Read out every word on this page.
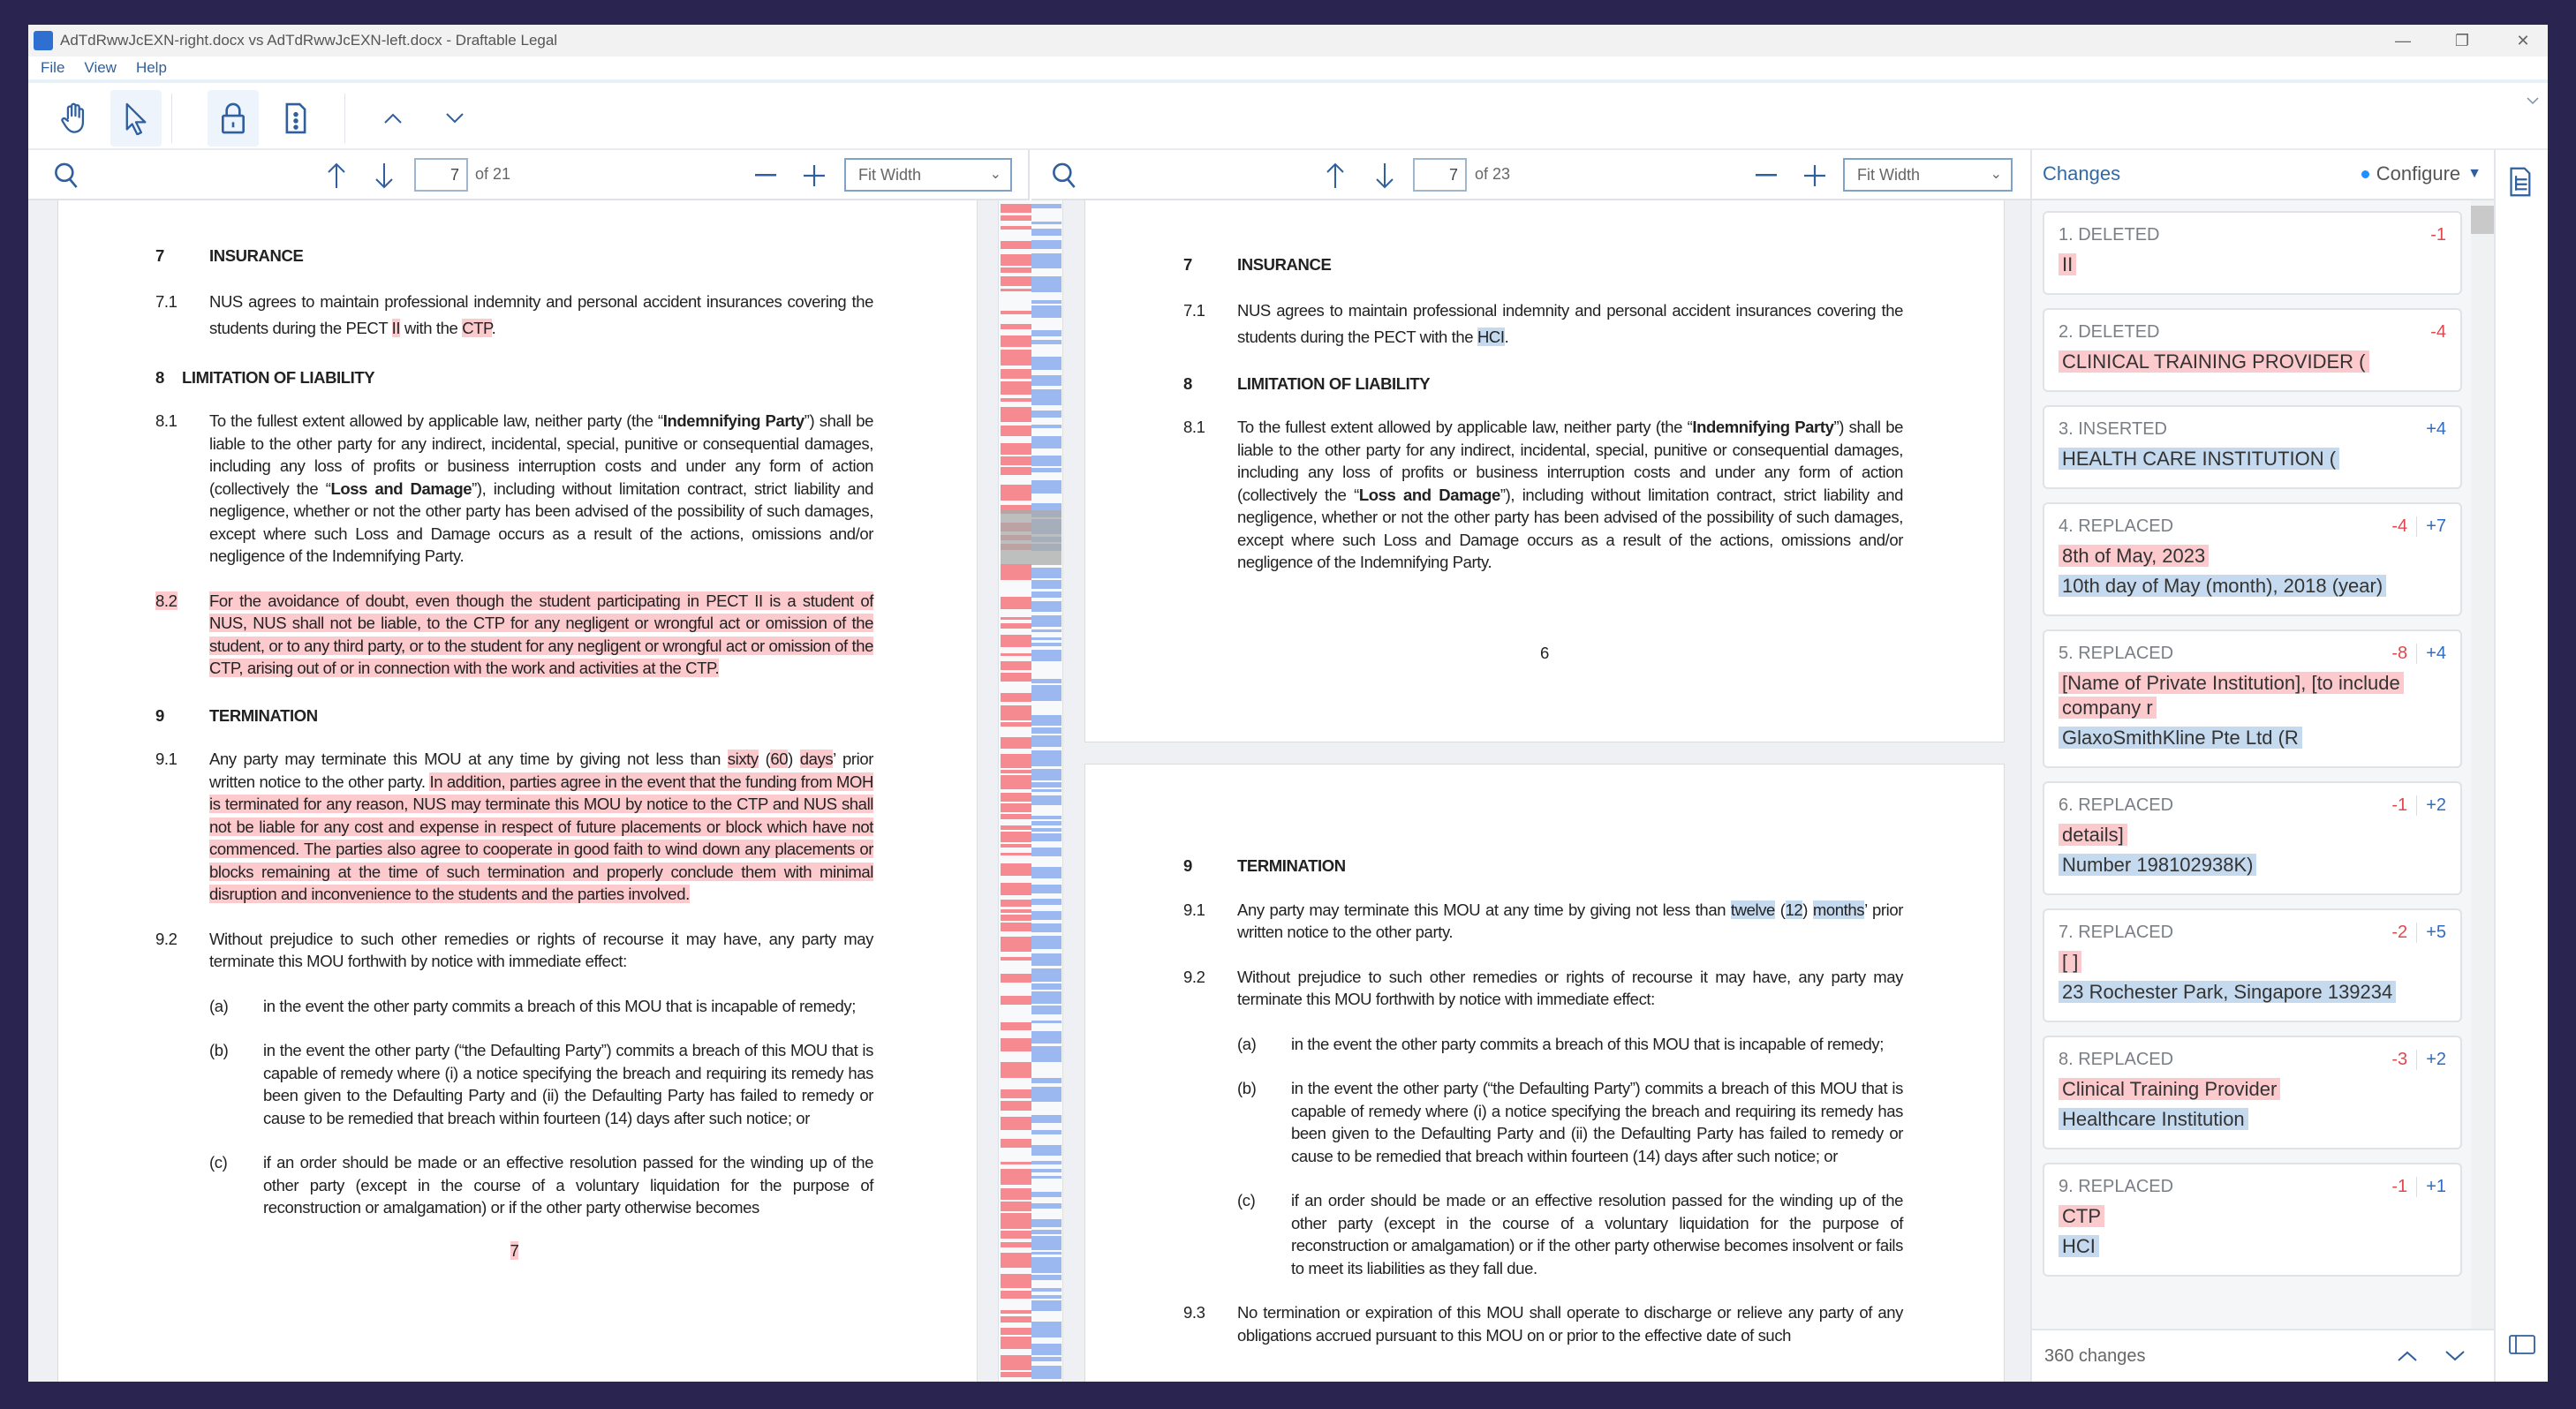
AdTdRwwJcEXN-right.docx vs AdTdRwwJcEXN-left.docx - Draftable Legal	—	❐	✕
File View Help
7	of 21	Fit Width	⌄	7	of 23	Fit Width	⌄ Changes	Configure ▼
7	INSURANCE
7.1	NUS agrees to maintain professional indemnity and personal accident insurances covering the students during the PECT II with the CTP.
8	LIMITATION OF LIABILITY
8.1	To the fullest extent allowed by applicable law, neither party (the “Indemnifying Party”) shall be liable to the other party for any indirect, incidental, special, punitive or consequential damages, including any loss of profits or business interruption costs and under any form of action (collectively the “Loss and Damage”), including without limitation contract, strict liability and negligence, whether or not the other party has been advised of the possibility of such damages, except where such Loss and Damage occurs as a result of the actions, omissions and/or negligence of the Indemnifying Party.
8.2	For the avoidance of doubt, even though the student participating in PECT II is a student of NUS, NUS shall not be liable, to the CTP for any negligent or wrongful act or omission of the student, or to any third party, or to the student for any negligent or wrongful act or omission of the CTP, arising out of or in connection with the work and activities at the CTP.
9	TERMINATION
9.1	Any party may terminate this MOU at any time by giving not less than sixty (60) days’ prior written notice to the other party. In addition, parties agree in the event that the funding from MOH is terminated for any reason, NUS may terminate this MOU by notice to the CTP and NUS shall not be liable for any cost and expense in respect of future placements or block which have not commenced. The parties also agree to cooperate in good faith to wind down any placements or blocks remaining at the time of such termination and properly conclude them with minimal disruption and inconvenience to the students and the parties involved.
9.2	Without prejudice to such other remedies or rights of recourse it may have, any party may terminate this MOU forthwith by notice with immediate effect:
(a)	in the event the other party commits a breach of this MOU that is incapable of remedy;
(b)	in the event the other party (“the Defaulting Party”) commits a breach of this MOU that is capable of remedy where (i) a notice specifying the breach and requiring its remedy has been given to the Defaulting Party and (ii) the Defaulting Party has failed to remedy or cause to be remedied that breach within fourteen (14) days after such notice; or
(c)	if an order should be made or an effective resolution passed for the winding up of the other party (except in the course of a voluntary liquidation for the purpose of reconstruction or amalgamation) or if the other party otherwise becomes
7
7	INSURANCE
7.1	NUS agrees to maintain professional indemnity and personal accident insurances covering the students during the PECT with the HCI.
8	LIMITATION OF LIABILITY
8.1	To the fullest extent allowed by applicable law, neither party (the “Indemnifying Party”) shall be liable to the other party for any indirect, incidental, special, punitive or consequential damages, including any loss of profits or business interruption costs and under any form of action (collectively the “Loss and Damage”), including without limitation contract, strict liability and negligence, whether or not the other party has been advised of the possibility of such damages, except where such Loss and Damage occurs as a result of the actions, omissions and/or negligence of the Indemnifying Party.
6
9	TERMINATION
9.1	Any party may terminate this MOU at any time by giving not less than twelve (12) months’ prior written notice to the other party.
9.2	Without prejudice to such other remedies or rights of recourse it may have, any party may terminate this MOU forthwith by notice with immediate effect:
(a)	in the event the other party commits a breach of this MOU that is incapable of remedy;
(b)	in the event the other party (“the Defaulting Party”) commits a breach of this MOU that is capable of remedy where (i) a notice specifying the breach and requiring its remedy has been given to the Defaulting Party and (ii) the Defaulting Party has failed to remedy or cause to be remedied that breach within fourteen (14) days after such notice; or
(c)	if an order should be made or an effective resolution passed for the winding up of the other party (except in the course of a voluntary liquidation for the purpose of reconstruction or amalgamation) or if the other party otherwise becomes insolvent or fails to meet its liabilities as they fall due.
9.3	No termination or expiration of this MOU shall operate to discharge or relieve any party of any obligations accrued pursuant to this MOU on or prior to the effective date of such
1. DELETED	-1
II
2. DELETED	-4
CLINICAL TRAINING PROVIDER (
3. INSERTED	+4
HEALTH CARE INSTITUTION (
4. REPLACED	-4 +7
8th of May, 2023
10th day of May (month), 2018 (year)
5. REPLACED	-8 +4
[Name of Private Institution], [to include company r
GlaxoSmithKline Pte Ltd (R
6. REPLACED	-1 +2
details]
Number 198102938K)
7. REPLACED	-2 +5
[ ]
23 Rochester Park, Singapore 139234
8. REPLACED	-3 +2
Clinical Training Provider
Healthcare Institution
9. REPLACED	-1 +1
CTP
HCI
360 changes
